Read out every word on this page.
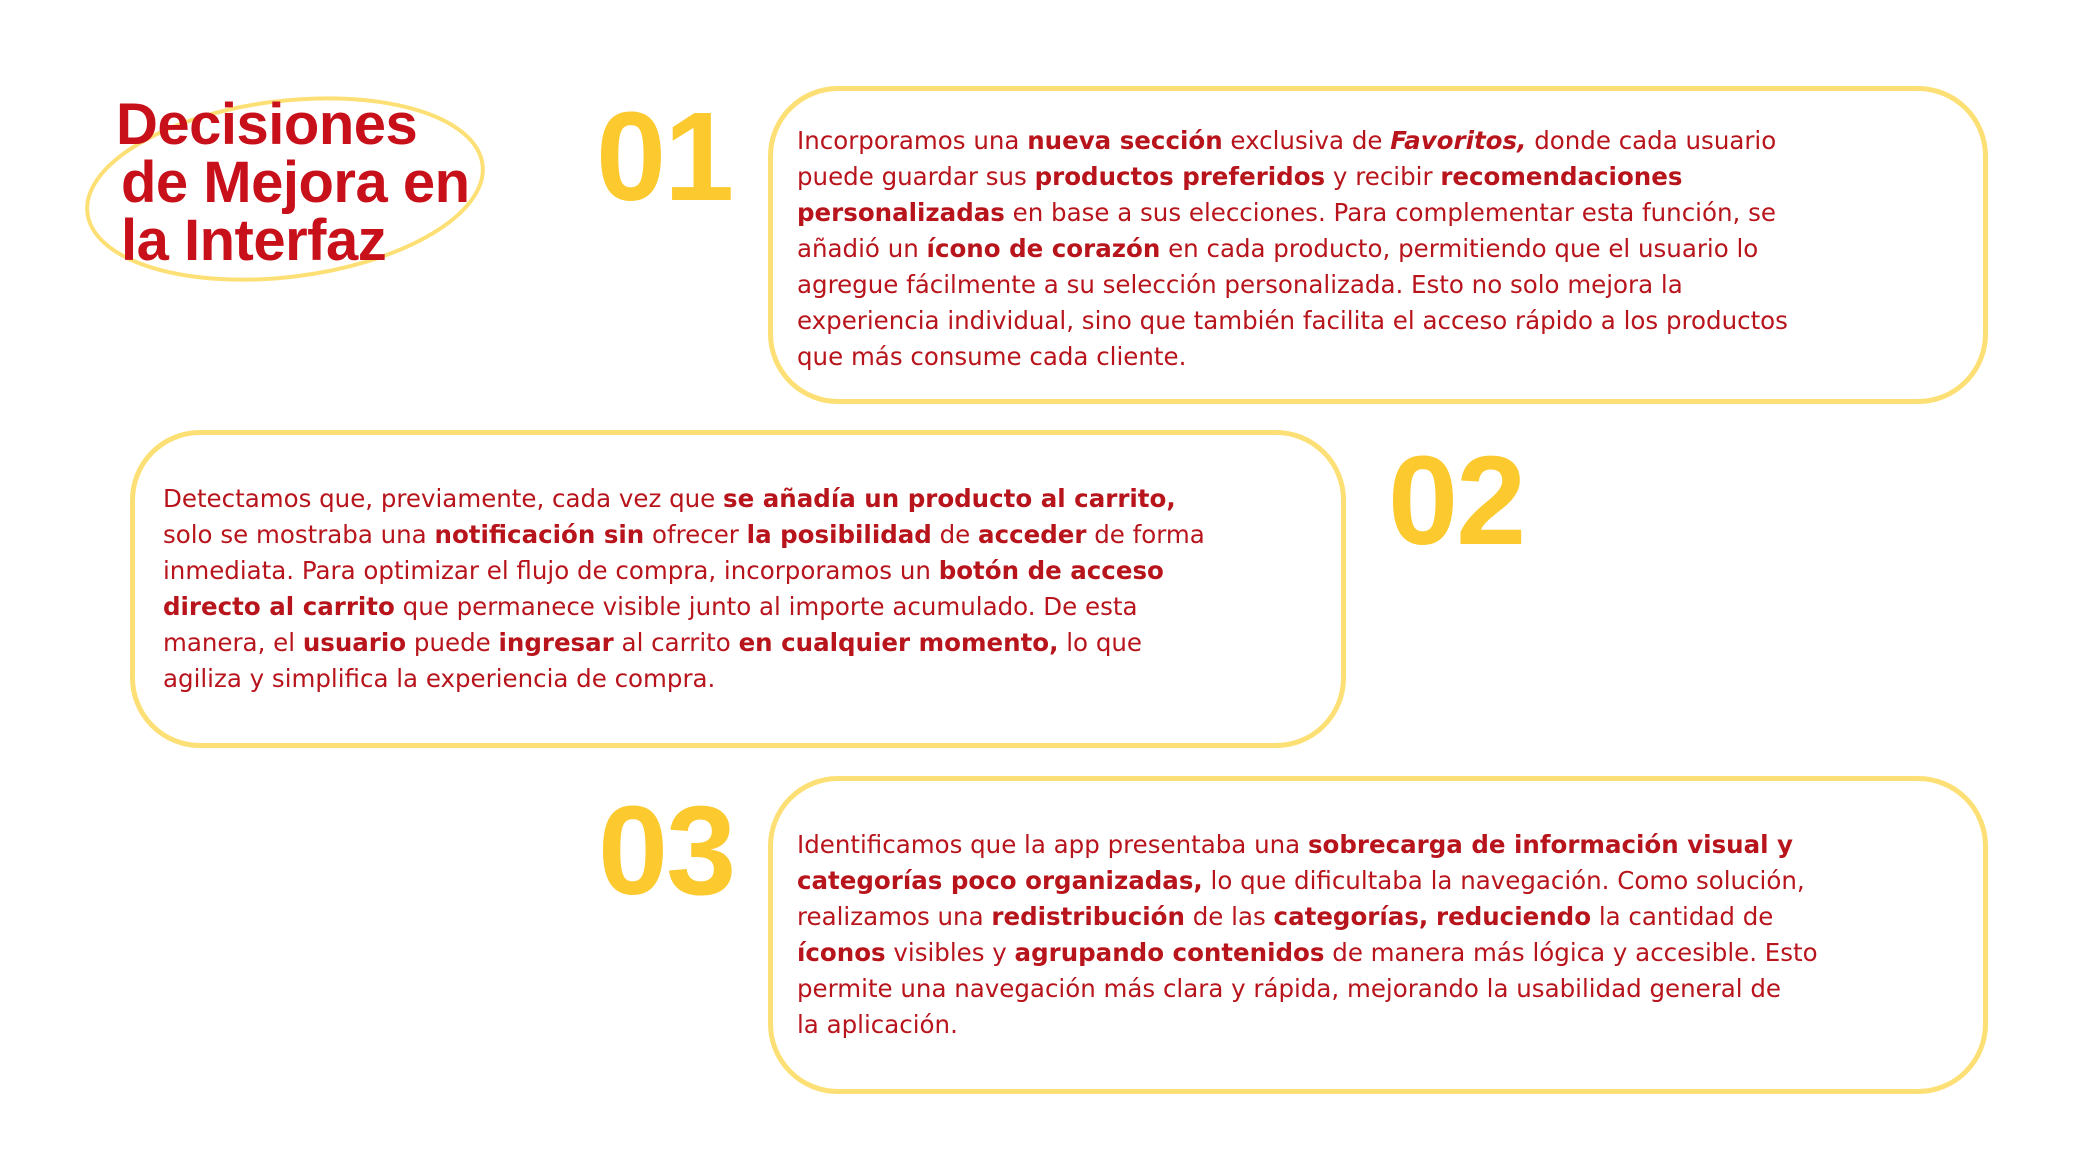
Decisiones
de Mejora en
la Interfaz
01	Incorporamos una nueva sección exclusiva de Favoritos, donde cada usuario
puede guardar sus productos preferidos y recibir recomendaciones
personalizadas en base a sus elecciones. Para complementar esta función, se
añadió un ícono de corazón en cada producto, permitiendo que el usuario lo
agregue fácilmente a su selección personalizada. Esto no solo mejora la
experiencia individual, sino que también facilita el acceso rápido a los productos
que más consume cada cliente.

Detectamos que, previamente, cada vez que se añadía un producto al carrito,
solo se mostraba una notificación sin ofrecer la posibilidad de acceder de forma
inmediata. Para optimizar el flujo de compra, incorporamos un botón de acceso
directo al carrito que permanece visible junto al importe acumulado. De esta
manera, el usuario puede ingresar al carrito en cualquier momento, lo que
agiliza y simplifica la experiencia de compra.

02
03	Identificamos que la app presentaba una sobrecarga de información visual y
categorías poco organizadas, lo que dificultaba la navegación. Como solución,
realizamos una redistribución de las categorías, reduciendo la cantidad de
íconos visibles y agrupando contenidos de manera más lógica y accesible. Esto
permite una navegación más clara y rápida, mejorando la usabilidad general de
la aplicación.
